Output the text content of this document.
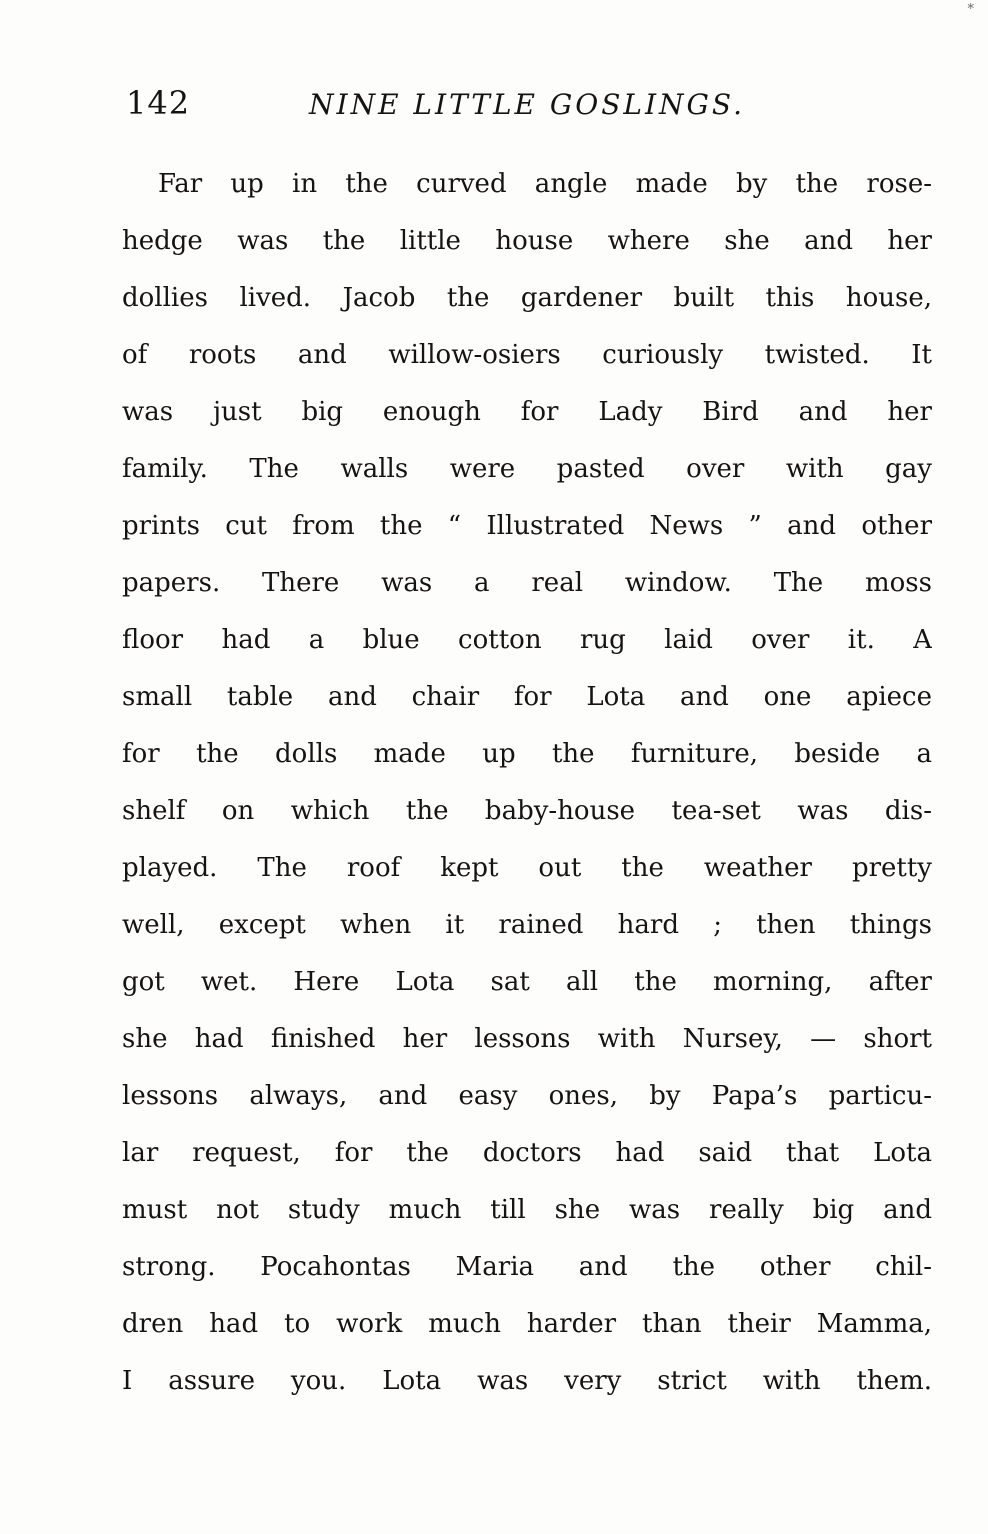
*
142	NINE LITTLE GOSLINGS.
Far up in the curved angle made by the rose-
hedge was the little house where she and her
dollies lived. Jacob the gardener built this house,
of roots and willow-osiers curiously twisted. It
was just big enough for Lady Bird and her
family. The walls were pasted over with gay
prints cut from the “ Illustrated News ” and other
papers. There was a real window. The moss
floor had a blue cotton rug laid over it. A
small table and chair for Lota and one apiece
for the dolls made up the furniture, beside a
shelf on which the baby-house tea-set was dis-
played. The roof kept out the weather pretty
well, except when it rained hard ; then things
got wet. Here Lota sat all the morning, after
she had finished her lessons with Nursey, — short
lessons always, and easy ones, by Papa’s particu-
lar request, for the doctors had said that Lota
must not study much till she was really big and
strong. Pocahontas Maria and the other chil-
dren had to work much harder than their Mamma,
I assure you. Lota was very strict with them.
